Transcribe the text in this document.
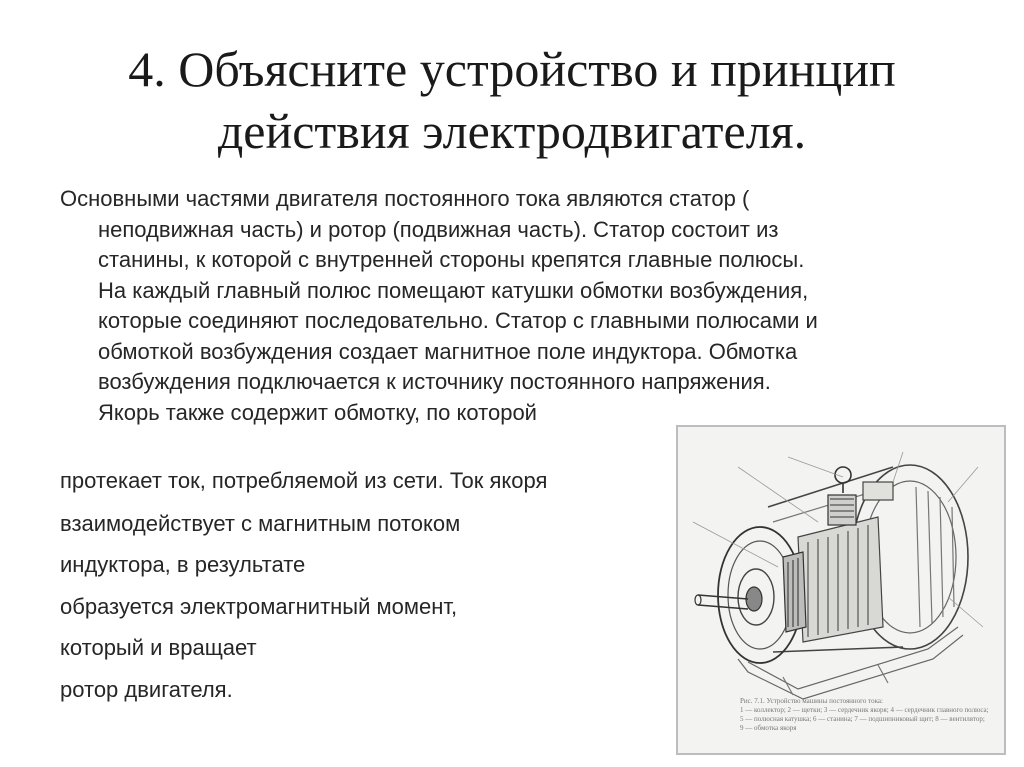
4. Объясните устройство и принцип
действия электродвигателя.
Основными частями двигателя постоянного тока являются статор (
неподвижная часть) и ротор (подвижная часть). Статор состоит из
станины, к которой с внутренней стороны крепятся главные полюсы.
На каждый главный полюс помещают катушки обмотки возбуждения,
которые соединяют последовательно. Статор с главными полюсами и
обмоткой возбуждения создает магнитное поле индуктора. Обмотка
возбуждения подключается к источнику постоянного напряжения.
Якорь также содержит обмотку, по которой
протекает ток, потребляемой из сети. Ток якоря
взаимодействует с магнитным потоком
индуктора, в результате
образуется электромагнитный момент,
который и вращает
ротор двигателя.	Рис. 7.1. Устройство машины постоянного тока:
1 — коллектор; 2 — щетки; 3 — сердечник якоря; 4 — сердечник главного полюса;
5 — полюсная катушка; 6 — станина; 7 — подшипниковый щит; 8 — вентилятор;
9 — обмотка якоря
